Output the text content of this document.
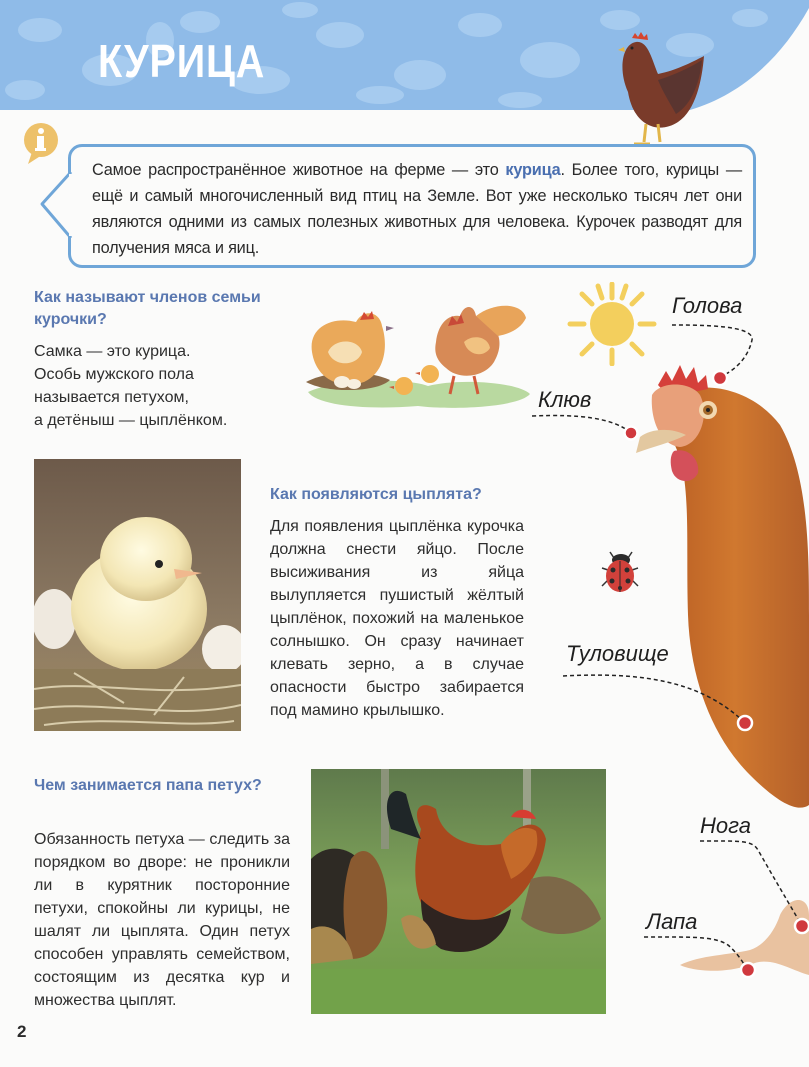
КУРИЦА
Самое распространённое животное на ферме — это курица. Более того, курицы — ещё и самый многочисленный вид птиц на Земле. Вот уже несколько тысяч лет они являются одними из самых полезных животных для человека. Курочек разводят для получения мяса и яиц.
Как называют членов семьи курочки?
Самка — это курица.
Особь мужского пола
называется петухом,
а детёныш — цыплёнком.
Как появляются цыплята?
Для появления цыплёнка курочка должна снести яйцо. После высиживания из яйца вылупляется пушистый жёлтый цыплёнок, похожий на маленькое солнышко. Он сразу начинает клевать зерно, а в случае опасности быстро забирается под мамино крылышко.
Чем занимается папа петух?
Обязанность петуха — следить за порядком во дворе: не проникли ли в курятник посторонние петухи, спокойны ли курицы, не шалят ли цыплята. Один петух способен управлять семейством, состоящим из десятка кур и множества цыплят.
Голова
Клюв
Туловище
Нога
Лапа
2
